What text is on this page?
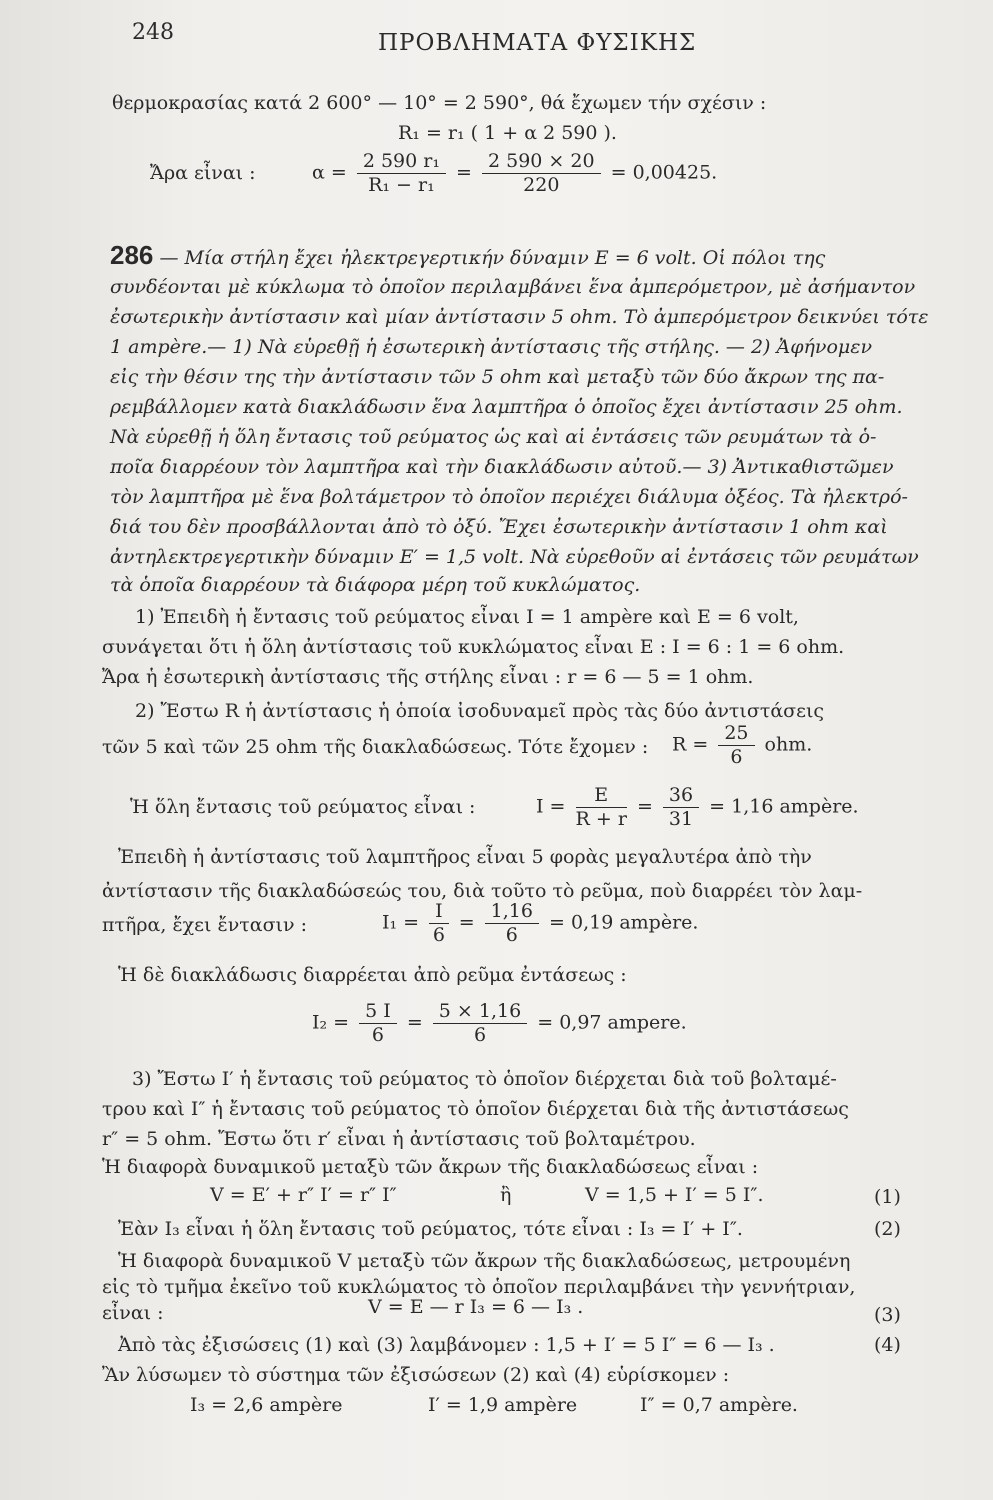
248	ΠΡΟΒΛΗΜΑΤΑ ΦΥΣΙΚΗΣ
θερμοκρασίας κατά 2 600° — 10° = 2 590°, θά ἔχωμεν τήν σχέσιν :
R₁ = r₁ ( 1 + α 2 590 ).
Ἄρα εἶναι :	$\alpha = \frac{\text{2 590 r₁}}{\text{R₁ − r₁}} = \frac{2 590 \times 20}{220} = 0,00425$.
286 — Μία στήλη ἔχει ἠλεκτρεγερτικήν δύναμιν E = 6 volt. Οἱ πόλοι της
συνδέονται μὲ κύκλωμα τὸ ὁποῖον περιλαμβάνει ἕνα ἀμπερόμετρον, μὲ ἀσήμαντον
ἐσωτερικὴν ἀντίστασιν καὶ μίαν ἀντίστασιν 5 ohm. Τὸ ἀμπερόμετρον δεικνύει τότε
1 ampère.— 1) Νὰ εὑρεθῇ ἡ ἐσωτερικὴ ἀντίστασις τῆς στήλης. — 2) Ἀφήνομεν
εἰς τὴν θέσιν της τὴν ἀντίστασιν τῶν 5 ohm καὶ μεταξὺ τῶν δύο ἄκρων της πα-
ρεμβάλλομεν κατὰ διακλάδωσιν ἕνα λαμπτῆρα ὁ ὁποῖος ἔχει ἀντίστασιν 25 ohm.
Νὰ εὑρεθῇ ἡ ὅλη ἔντασις τοῦ ρεύματος ὡς καὶ αἱ ἐντάσεις τῶν ρευμάτων τὰ ὁ-
ποῖα διαρρέουν τὸν λαμπτῆρα καὶ τὴν διακλάδωσιν αὐτοῦ.— 3) Ἀντικαθιστῶμεν
τὸν λαμπτῆρα μὲ ἕνα βολτάμετρον τὸ ὁποῖον περιέχει διάλυμα ὀξέος. Τὰ ἠλεκτρό-
διά του δὲν προσβάλλονται ἀπὸ τὸ ὀξύ. Ἔχει ἐσωτερικὴν ἀντίστασιν 1 ohm καὶ
ἀντηλεκτρεγερτικὴν δύναμιν E′ = 1,5 volt. Νὰ εὑρεθοῦν αἱ ἐντάσεις τῶν ρευμάτων
τὰ ὁποῖα διαρρέουν τὰ διάφορα μέρη τοῦ κυκλώματος.
1) Ἐπειδὴ ἡ ἔντασις τοῦ ρεύματος εἶναι I = 1 ampère καὶ E = 6 volt,
συνάγεται ὅτι ἡ ὅλη ἀντίστασις τοῦ κυκλώματος εἶναι E : I = 6 : 1 = 6 ohm.
Ἄρα ἡ ἐσωτερικὴ ἀντίστασις τῆς στήλης εἶναι : r = 6 — 5 = 1 ohm.
2) Ἔστω R ἡ ἀντίστασις ἡ ὁποία ἰσοδυναμεῖ πρὸς τὰς δύο ἀντιστάσεις
τῶν 5 καὶ τῶν 25 ohm τῆς διακλαδώσεως. Τότε ἔχομεν : $R = \frac{25}{6}$ ohm.
Ἡ ὅλη ἔντασις τοῦ ρεύματος εἶναι :	$I = \frac{E}{R + r} = \frac{36}{31} = 1,16$ ampère.
Ἐπειδὴ ἡ ἀντίστασις τοῦ λαμπτῆρος εἶναι 5 φορὰς μεγαλυτέρα ἀπὸ τὴν
ἀντίστασιν τῆς διακλαδώσεώς του, διὰ τοῦτο τὸ ρεῦμα, ποὺ διαρρέει τὸν λαμ-
πτῆρα, ἔχει ἔντασιν :	$I_1 = \frac{I}{6} = \frac{1,16}{6} = 0,19$ ampère.
Ἡ δὲ διακλάδωσις διαρρέεται ἀπὸ ρεῦμα ἐντάσεως :
$I_2 = \frac{5 I}{6} = \frac{5 \times 1,16}{6} = 0,97$ ampere.
3) Ἔστω I′ ἡ ἔντασις τοῦ ρεύματος τὸ ὁποῖον διέρχεται διὰ τοῦ βολταμέ-
τρου καὶ I″ ἡ ἔντασις τοῦ ρεύματος τὸ ὁποῖον διέρχεται διὰ τῆς ἀντιστάσεως
r″ = 5 ohm. Ἔστω ὅτι r′ εἶναι ἡ ἀντίστασις τοῦ βολταμέτρου.
Ἡ διαφορὰ δυναμικοῦ μεταξὺ τῶν ἄκρων τῆς διακλαδώσεως εἶναι :
V = E′ + r″ I′ = r″ I″	ἢ	V = 1,5 + I′ = 5 I″.	(1)
Ἐὰν I₃ εἶναι ἡ ὅλη ἔντασις τοῦ ρεύματος, τότε εἶναι : I₃ = I′ + I″.	(2)
Ἡ διαφορὰ δυναμικοῦ V μεταξὺ τῶν ἄκρων τῆς διακλαδώσεως, μετρουμένη
εἰς τὸ τμῆμα ἐκεῖνο τοῦ κυκλώματος τὸ ὁποῖον περιλαμβάνει τὴν γεννήτριαν,
εἶναι :	V = E — r I₃ = 6 — I₃ .	(3)
Ἀπὸ τὰς ἐξισώσεις (1) καὶ (3) λαμβάνομεν : 1,5 + I′ = 5 I″ = 6 — I₃ .	(4)
Ἂν λύσωμεν τὸ σύστημα τῶν ἐξισώσεων (2) καὶ (4) εὑρίσκομεν :
I₃ = 2,6 ampère	I′ = 1,9 ampère	I″ = 0,7 ampère.
